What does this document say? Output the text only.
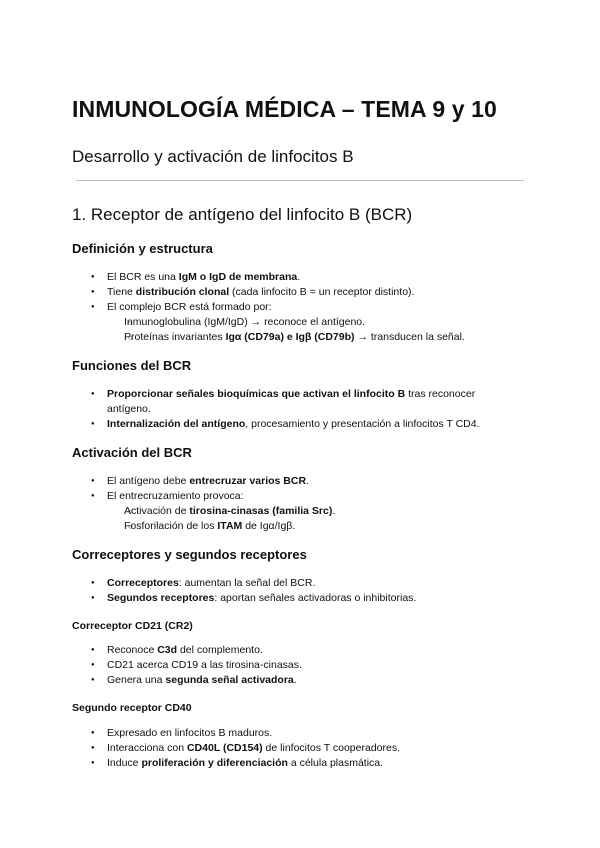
INMUNOLOGÍA MÉDICA – TEMA 9 y 10
Desarrollo y activación de linfocitos B
1. Receptor de antígeno del linfocito B (BCR)
Definición y estructura
● El BCR es una IgM o IgD de membrana.
● Tiene distribución clonal (cada linfocito B = un receptor distinto).
● El complejo BCR está formado por:
○ Inmunoglobulina (IgM/IgD) → reconoce el antígeno.
○ Proteínas invariantes Igα (CD79a) e Igβ (CD79b) → transducen la señal.
Funciones del BCR
● Proporcionar señales bioquímicas que activan el linfocito B tras reconocer antígeno.
● Internalización del antígeno, procesamiento y presentación a linfocitos T CD4.
Activación del BCR
● El antígeno debe entrecruzar varios BCR.
● El entrecruzamiento provoca:
○ Activación de tirosina-cinasas (familia Src).
○ Fosforilación de los ITAM de Igα/Igβ.
Correceptores y segundos receptores
● Correceptores: aumentan la señal del BCR.
● Segundos receptores: aportan señales activadoras o inhibitorias.
Correceptor CD21 (CR2)
● Reconoce C3d del complemento.
● CD21 acerca CD19 a las tirosina-cinasas.
● Genera una segunda señal activadora.
Segundo receptor CD40
● Expresado en linfocitos B maduros.
● Interacciona con CD40L (CD154) de linfocitos T cooperadores.
● Induce proliferación y diferenciación a célula plasmática.
